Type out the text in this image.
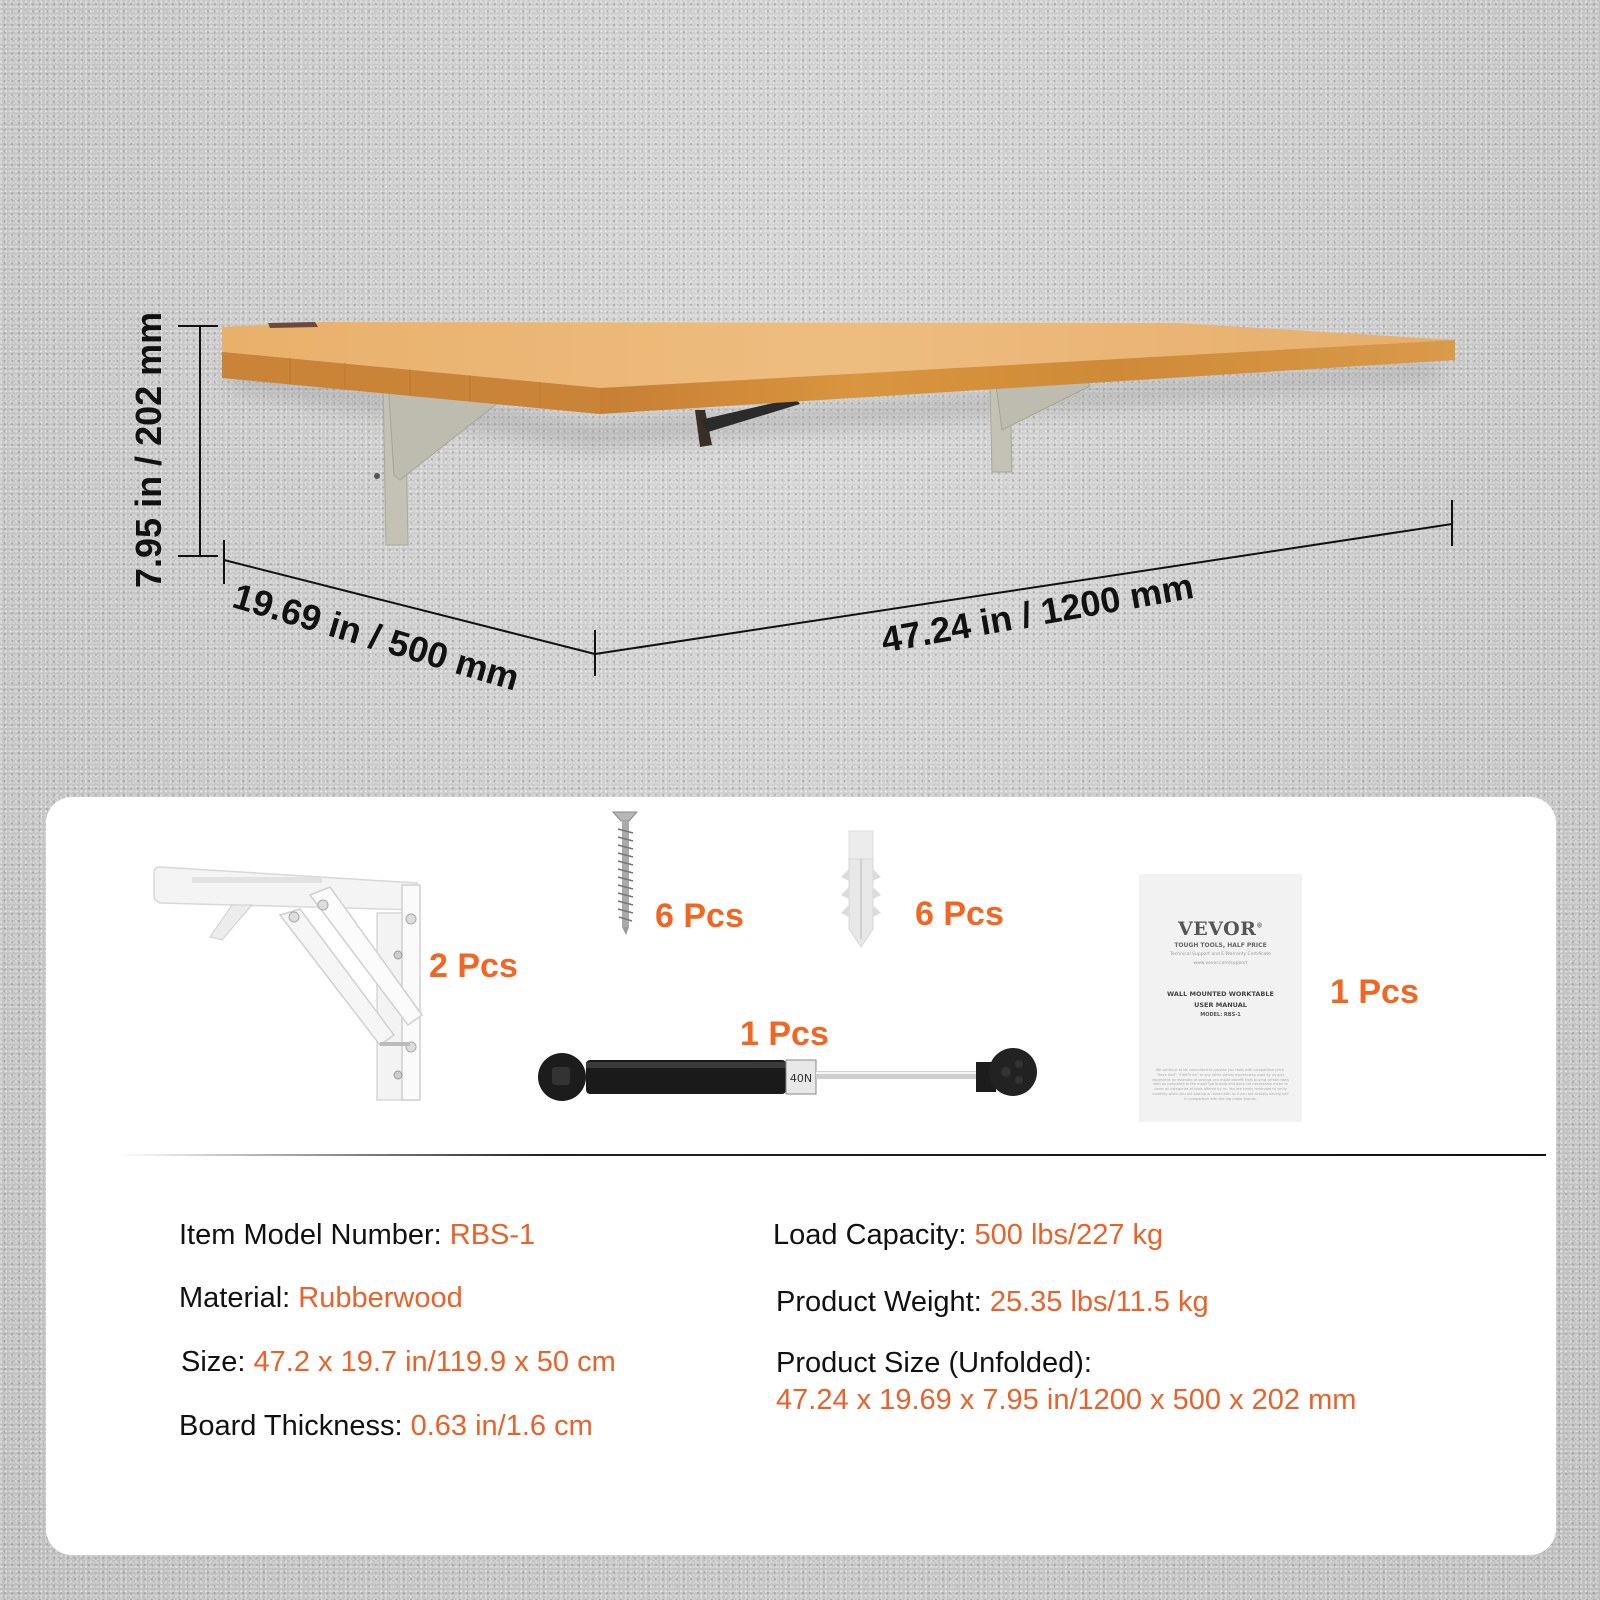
7.95 in / 202 mm
19.69 in / 500 mm	47.24 in / 1200 mm
2 Pcs
6 Pcs	6 Pcs
40N
1 Pcs
VEVOR®
TOUGH TOOLS, HALF PRICE
Technical Support and E-Warranty Certificate
www.vevor.com/support
WALL MOUNTED WORKTABLE
USER MANUAL
MODEL: RBS-1
We continue to be committed to provide you tools with competitive price. "Save Half", "Half Price" or any other similar expressions used by us only represents an estimate of savings you might benefit from buying certain tools with us compared to the major top brands and does not necessarily mean to cover all categories of tools offered by us. You are kindly reminded to verify carefully when you are placing an order with us if you are actually saving half in comparison with the top major brands.
1 Pcs
Item Model Number: RBS-1
Material: Rubberwood
Size: 47.2 x 19.7 in/119.9 x 50 cm
Board Thickness: 0.63 in/1.6 cm
Load Capacity: 500 lbs/227 kg
Product Weight: 25.35 lbs/11.5 kg
Product Size (Unfolded):
47.24 x 19.69 x 7.95 in/1200 x 500 x 202 mm
